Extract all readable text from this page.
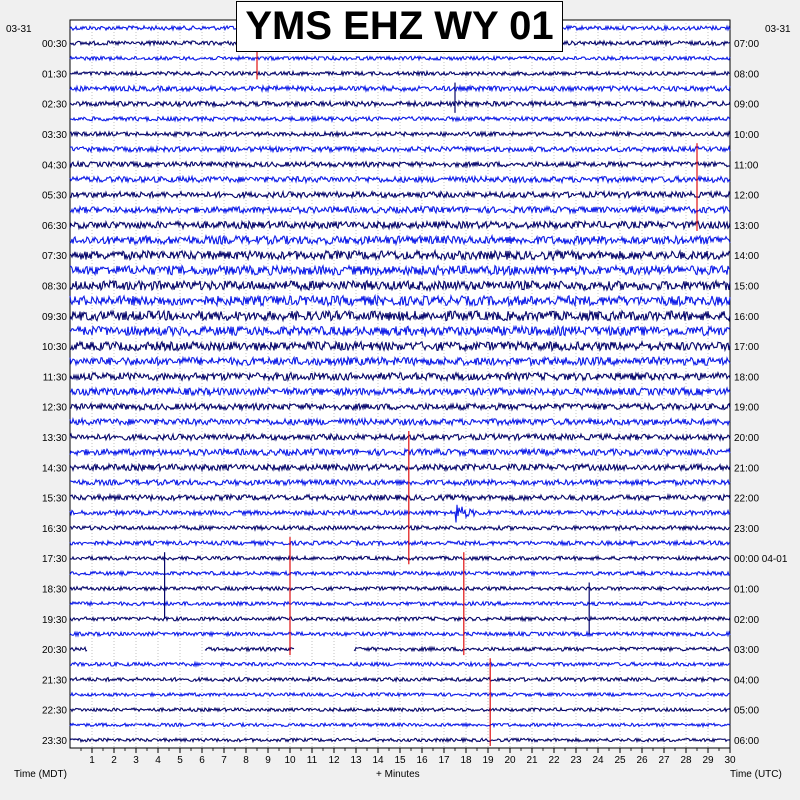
1 2 3 4 5 6 7 8 9 10 11 12 13 14 15 16 17 18 19 20 21 22 23 24 25 26 27 28 29 30
00:30
01:30
02:30
03:30
04:30
05:30
06:30
07:30
08:30
09:30
10:30
11:30
12:30
13:30
14:30
15:30
16:30
17:30
18:30
19:30
20:30
21:30
22:30
23:30
07:00
08:00
09:00
10:00
11:00
12:00
13:00
14:00
15:00
16:00
17:00
18:00
19:00
20:00
21:00
22:00
23:00
00:00 04-01
01:00
02:00
03:00
04:00
05:00
06:00
03-31	03-31
Time (MDT)	+ Minutes	Time (UTC)
YMS EHZ WY 01
